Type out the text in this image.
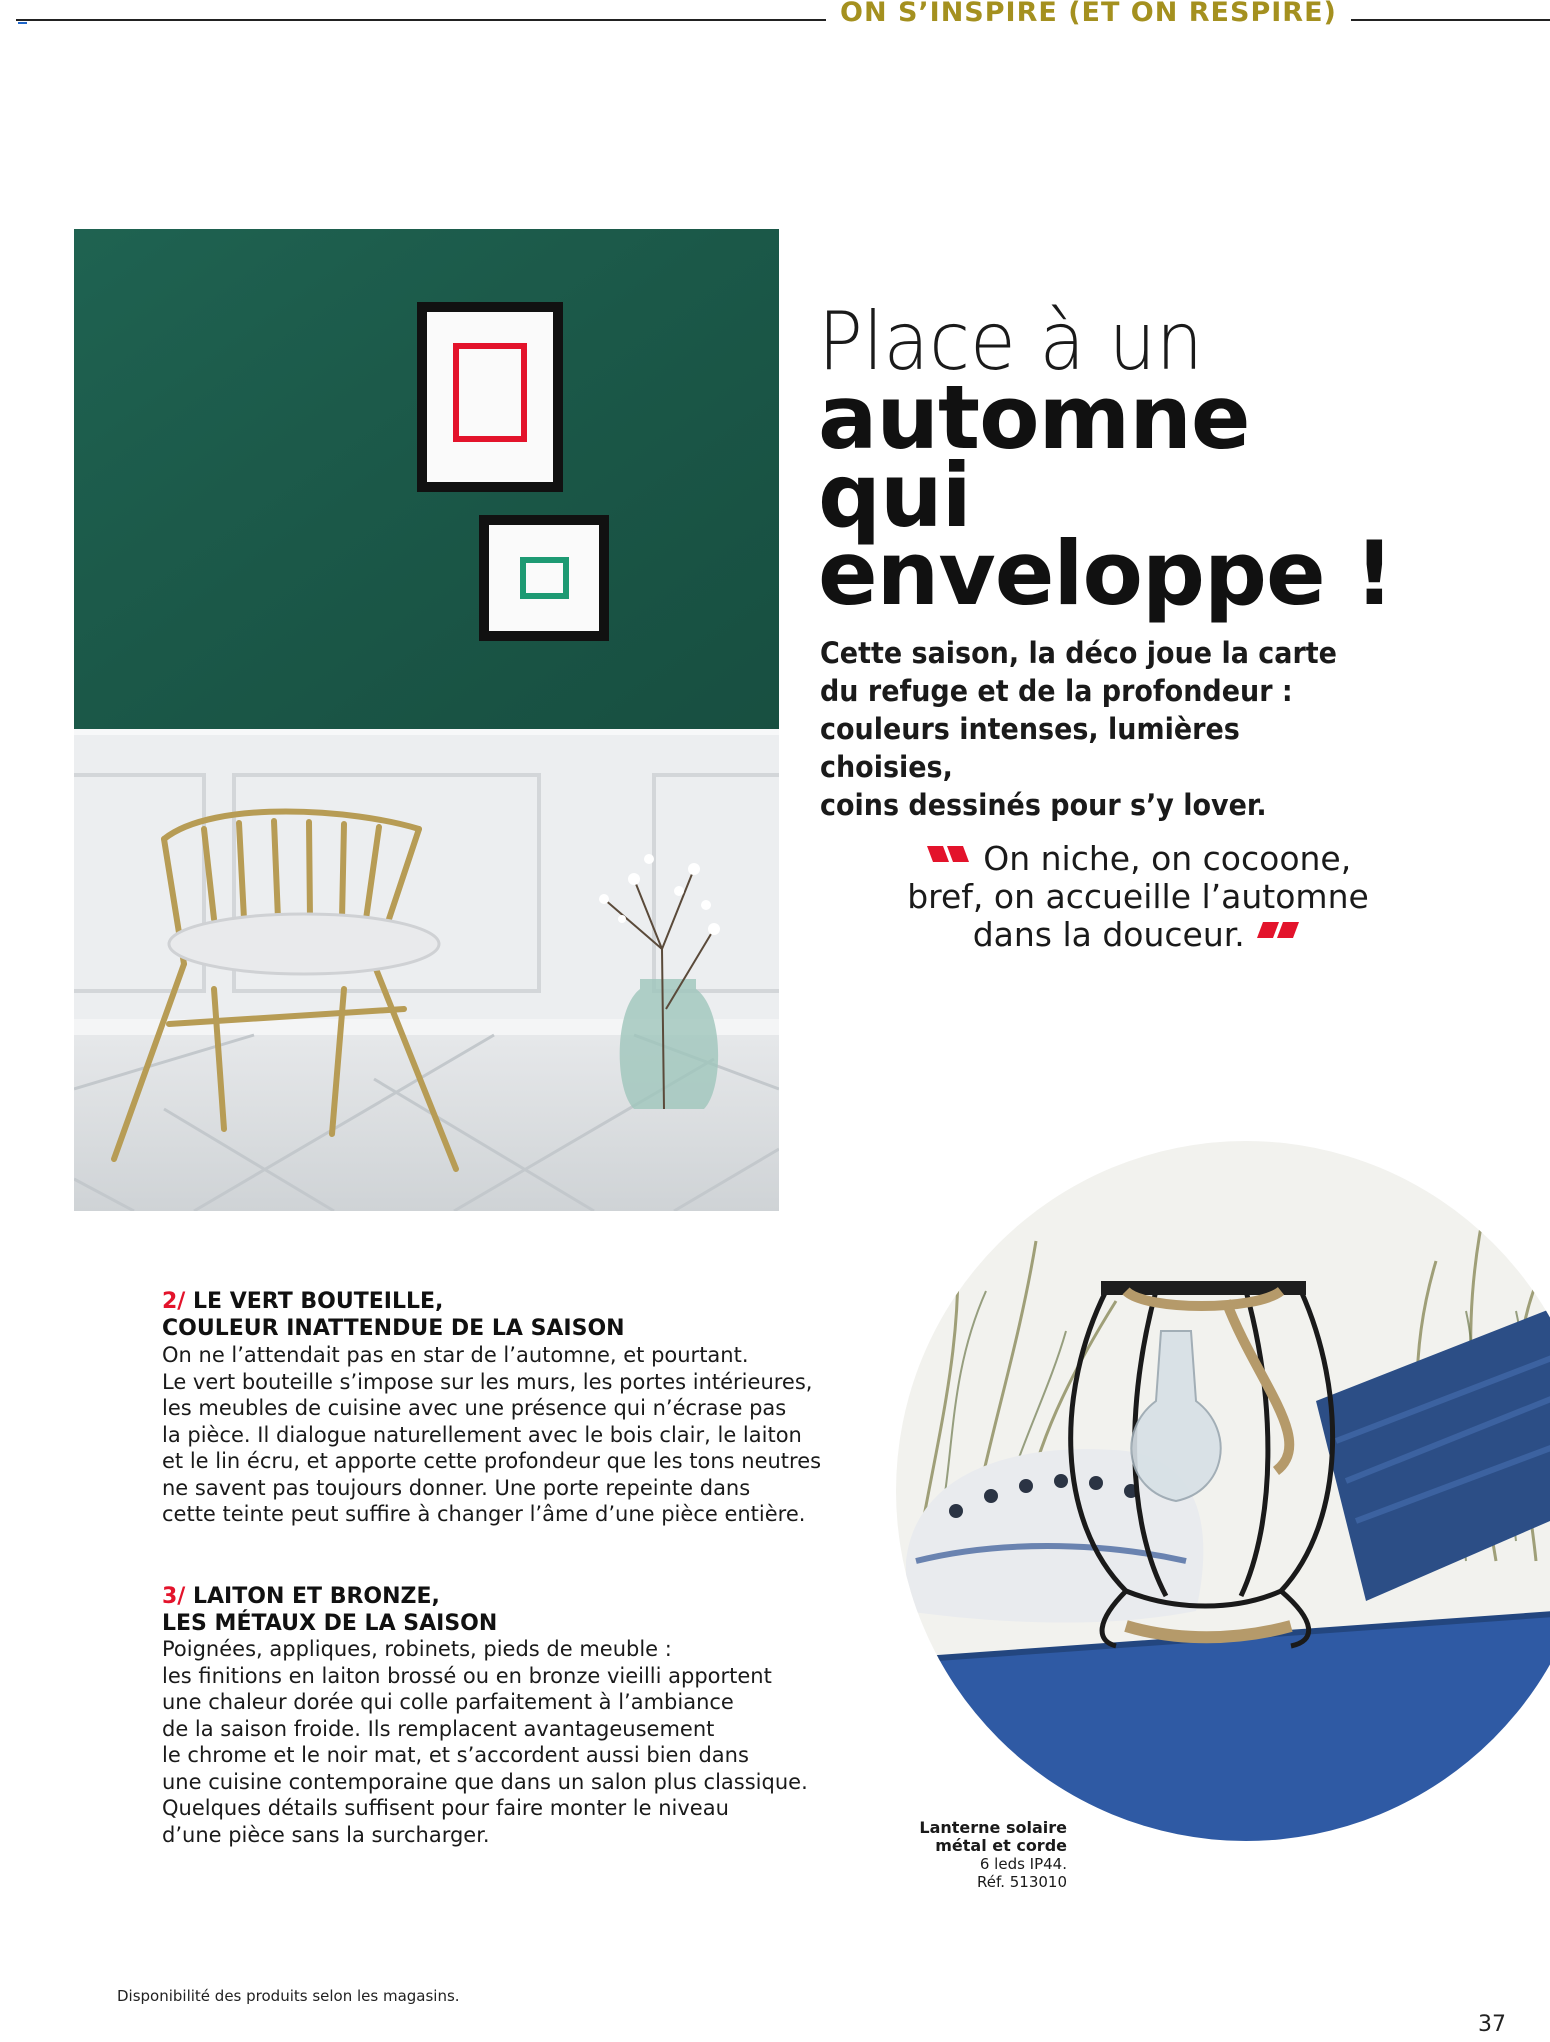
ON S’INSPIRE (ET ON RESPIRE)
Place à un
automne
qui
enveloppe !
Cette saison, la déco joue la carte
du refuge et de la profondeur :
couleurs intenses, lumières choisies,
coins dessinés pour s’y lover.
On niche, on cocoone,
bref, on accueille l’automne
dans la douceur.
2/ LE VERT BOUTEILLE,
COULEUR INATTENDUE DE LA SAISON
On ne l’attendait pas en star de l’automne, et pourtant.
Le vert bouteille s’impose sur les murs, les portes intérieures,
les meubles de cuisine avec une présence qui n’écrase pas
la pièce. Il dialogue naturellement avec le bois clair, le laiton
et le lin écru, et apporte cette profondeur que les tons neutres
ne savent pas toujours donner. Une porte repeinte dans
cette teinte peut suffire à changer l’âme d’une pièce entière.
3/ LAITON ET BRONZE,
LES MÉTAUX DE LA SAISON
Poignées, appliques, robinets, pieds de meuble :
les finitions en laiton brossé ou en bronze vieilli apportent
une chaleur dorée qui colle parfaitement à l’ambiance
de la saison froide. Ils remplacent avantageusement
le chrome et le noir mat, et s’accordent aussi bien dans
une cuisine contemporaine que dans un salon plus classique.
Quelques détails suffisent pour faire monter le niveau
d’une pièce sans la surcharger.	Lanterne solaire
métal et corde
6 leds IP44.
Réf. 513010
Disponibilité des produits selon les magasins.
37
